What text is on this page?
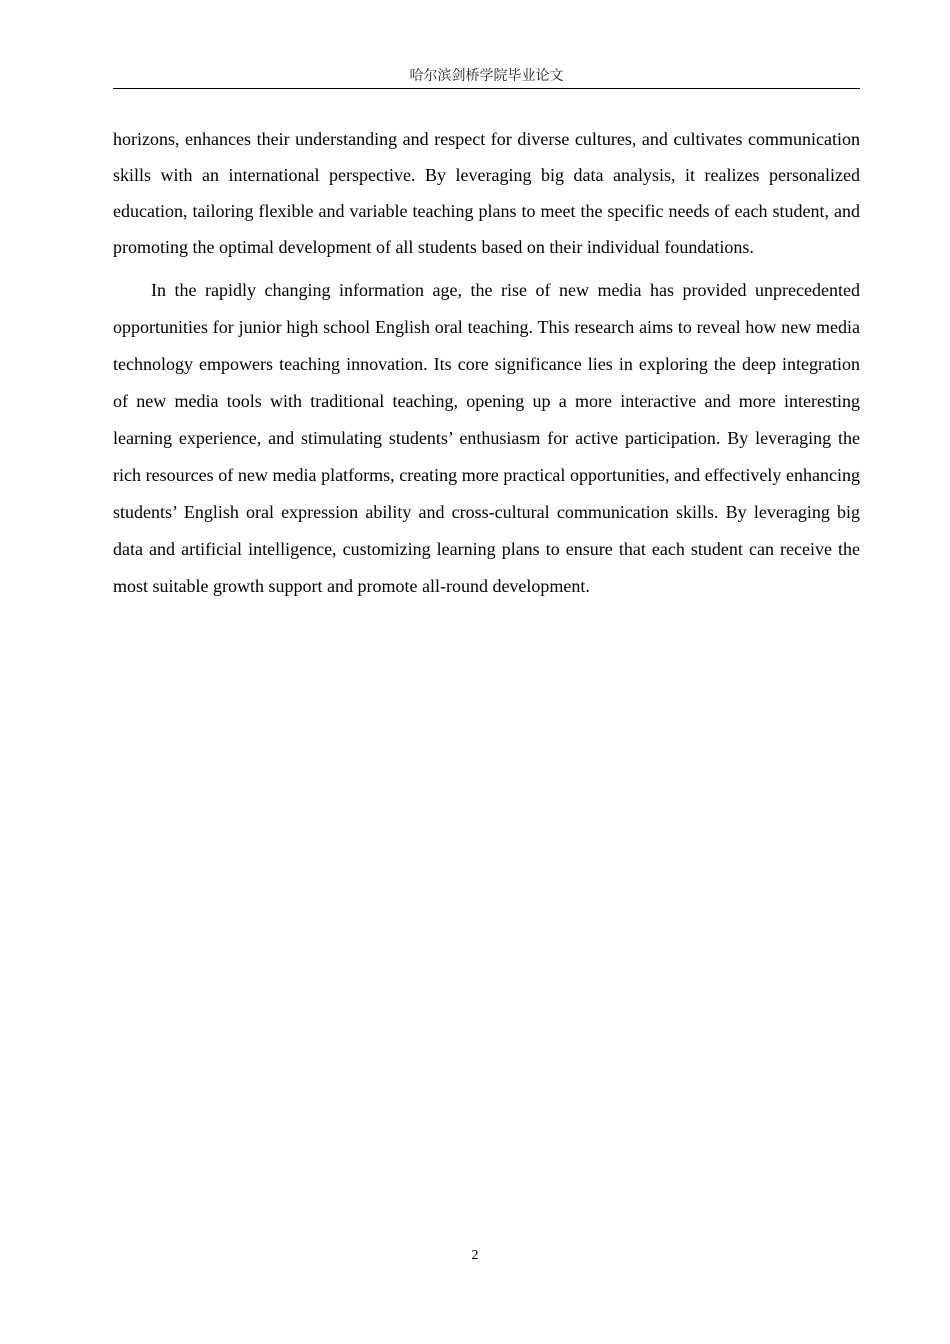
哈尔滨剑桥学院毕业论文

horizons, enhances their understanding and respect for diverse cultures, and cultivates communication skills with an international perspective. By leveraging big data analysis, it realizes personalized education, tailoring flexible and variable teaching plans to meet the specific needs of each student, and promoting the optimal development of all students based on their individual foundations.

In the rapidly changing information age, the rise of new media has provided unprecedented opportunities for junior high school English oral teaching. This research aims to reveal how new media technology empowers teaching innovation. Its core significance lies in exploring the deep integration of new media tools with traditional teaching, opening up a more interactive and more interesting learning experience, and stimulating students’ enthusiasm for active participation. By leveraging the rich resources of new media platforms, creating more practical opportunities, and effectively enhancing students’ English oral expression ability and cross-cultural communication skills. By leveraging big data and artificial intelligence, customizing learning plans to ensure that each student can receive the most suitable growth support and promote all-round development.

2
